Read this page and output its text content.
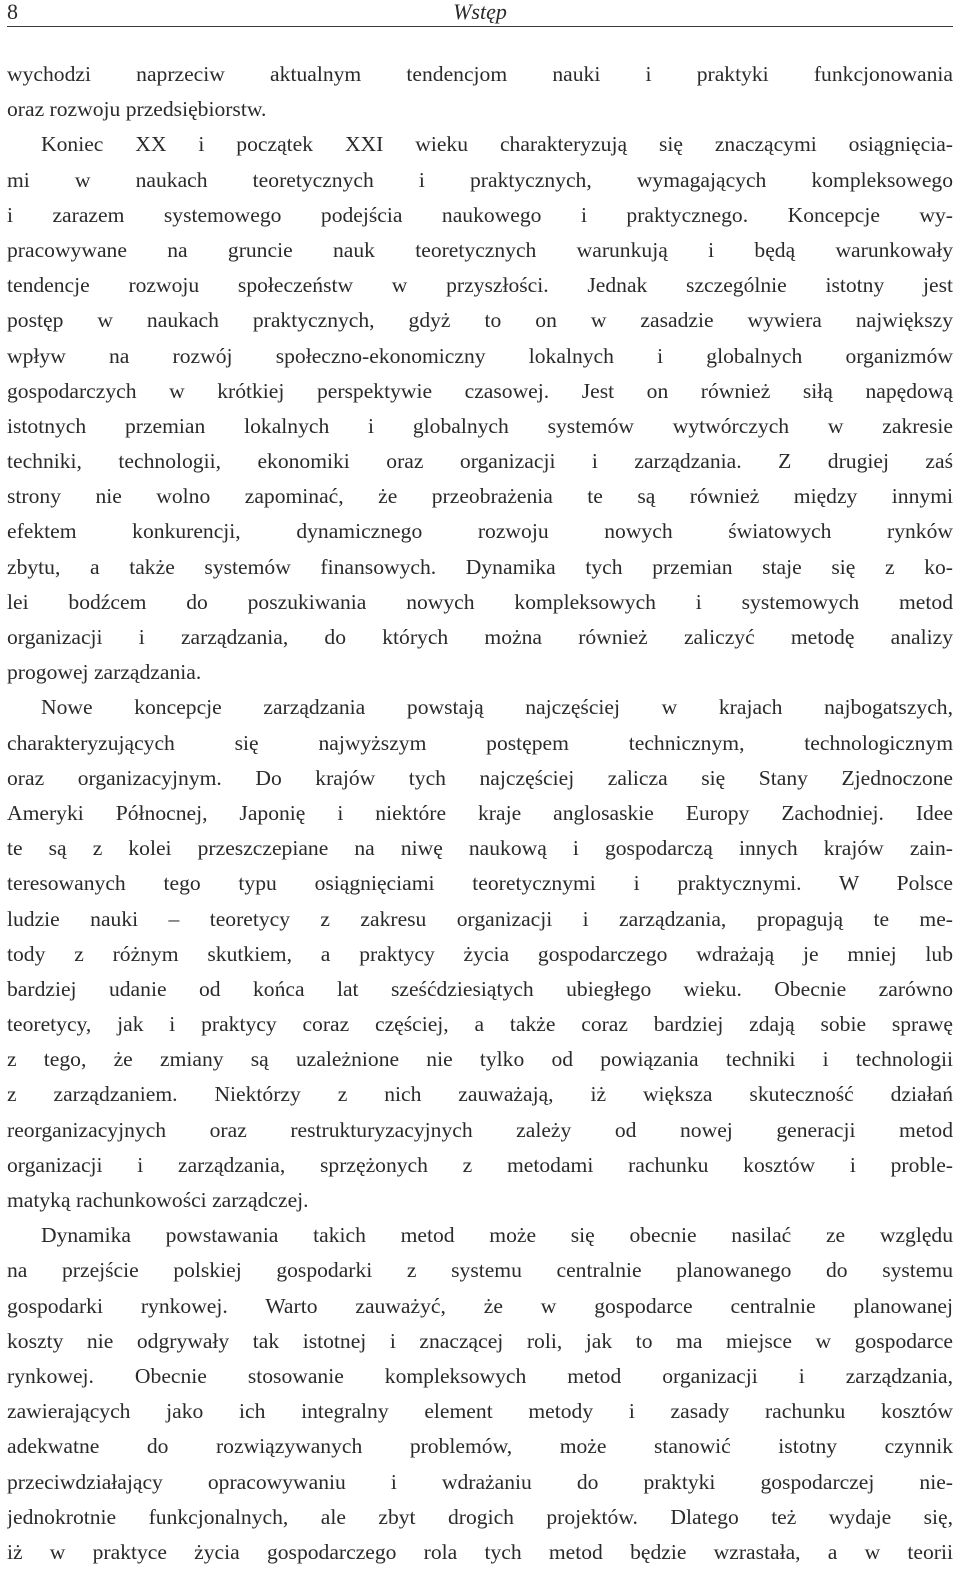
8	Wstęp
wychodzi naprzeciw aktualnym tendencjom nauki i praktyki funkcjonowania
oraz rozwoju przedsiębiorstw.
Koniec XX i początek XXI wieku charakteryzują się znaczącymi osiągnięcia-
mi w naukach teoretycznych i praktycznych, wymagających kompleksowego
i zarazem systemowego podejścia naukowego i praktycznego. Koncepcje wy-
pracowywane na gruncie nauk teoretycznych warunkują i będą warunkowały
tendencje rozwoju społeczeństw w przyszłości. Jednak szczególnie istotny jest
postęp w naukach praktycznych, gdyż to on w zasadzie wywiera największy
wpływ na rozwój społeczno-ekonomiczny lokalnych i globalnych organizmów
gospodarczych w krótkiej perspektywie czasowej. Jest on również siłą napędową
istotnych przemian lokalnych i globalnych systemów wytwórczych w zakresie
techniki, technologii, ekonomiki oraz organizacji i zarządzania. Z drugiej zaś
strony nie wolno zapominać, że przeobrażenia te są również między innymi
efektem konkurencji, dynamicznego rozwoju nowych światowych rynków
zbytu, a także systemów finansowych. Dynamika tych przemian staje się z ko-
lei bodźcem do poszukiwania nowych kompleksowych i systemowych metod
organizacji i zarządzania, do których można również zaliczyć metodę analizy
progowej zarządzania.
Nowe koncepcje zarządzania powstają najczęściej w krajach najbogatszych,
charakteryzujących się najwyższym postępem technicznym, technologicznym
oraz organizacyjnym. Do krajów tych najczęściej zalicza się Stany Zjednoczone
Ameryki Północnej, Japonię i niektóre kraje anglosaskie Europy Zachodniej. Idee
te są z kolei przeszczepiane na niwę naukową i gospodarczą innych krajów zain-
teresowanych tego typu osiągnięciami teoretycznymi i praktycznymi. W Polsce
ludzie nauki – teoretycy z zakresu organizacji i zarządzania, propagują te me-
tody z różnym skutkiem, a praktycy życia gospodarczego wdrażają je mniej lub
bardziej udanie od końca lat sześćdziesiątych ubiegłego wieku. Obecnie zarówno
teoretycy, jak i praktycy coraz częściej, a także coraz bardziej zdają sobie sprawę
z tego, że zmiany są uzależnione nie tylko od powiązania techniki i technologii
z zarządzaniem. Niektórzy z nich zauważają, iż większa skuteczność działań
reorganizacyjnych oraz restrukturyzacyjnych zależy od nowej generacji metod
organizacji i zarządzania, sprzężonych z metodami rachunku kosztów i proble-
matyką rachunkowości zarządczej.
Dynamika powstawania takich metod może się obecnie nasilać ze względu
na przejście polskiej gospodarki z systemu centralnie planowanego do systemu
gospodarki rynkowej. Warto zauważyć, że w gospodarce centralnie planowanej
koszty nie odgrywały tak istotnej i znaczącej roli, jak to ma miejsce w gospodarce
rynkowej. Obecnie stosowanie kompleksowych metod organizacji i zarządzania,
zawierających jako ich integralny element metody i zasady rachunku kosztów
adekwatne do rozwiązywanych problemów, może stanowić istotny czynnik
przeciwdziałający opracowywaniu i wdrażaniu do praktyki gospodarczej nie-
jednokrotnie funkcjonalnych, ale zbyt drogich projektów. Dlatego też wydaje się,
iż w praktyce życia gospodarczego rola tych metod będzie wzrastała, a w teorii
